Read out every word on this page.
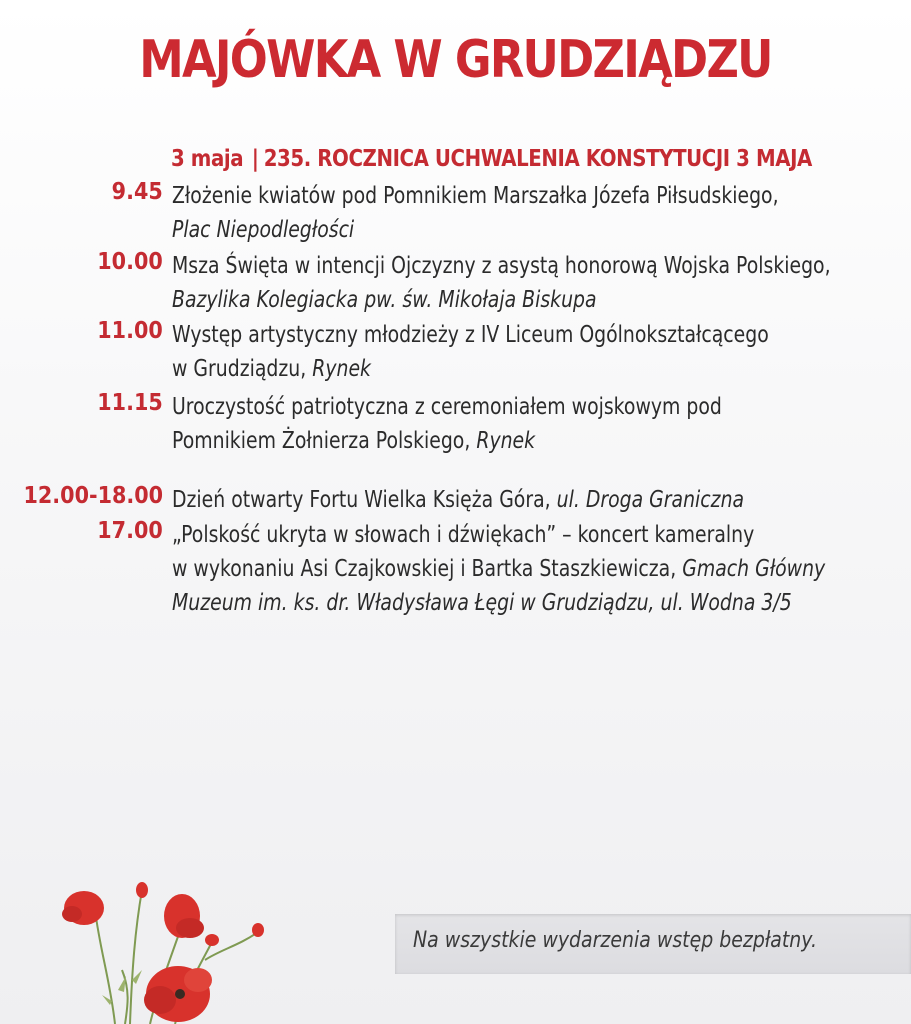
MAJÓWKA W GRUDZIĄDZU
3 maja | 235. ROCZNICA UCHWALENIA KONSTYTUCJI 3 MAJA
9.45 Złożenie kwiatów pod Pomnikiem Marszałka Józefa Piłsudskiego,
Plac Niepodległości
10.00 Msza Święta w intencji Ojczyzny z asystą honorową Wojska Polskiego,
Bazylika Kolegiacka pw. św. Mikołaja Biskupa
11.00 Występ artystyczny młodzieży z IV Liceum Ogólnokształcącego
w Grudziądzu, Rynek
11.15 Uroczystość patriotyczna z ceremoniałem wojskowym pod
Pomnikiem Żołnierza Polskiego, Rynek
12.00-18.00 Dzień otwarty Fortu Wielka Księża Góra, ul. Droga Graniczna
17.00 „Polskość ukryta w słowach i dźwiękach” – koncert kameralny
w wykonaniu Asi Czajkowskiej i Bartka Staszkiewicza, Gmach Główny
Muzeum im. ks. dr. Władysława Łęgi w Grudziądzu, ul. Wodna 3/5
Na wszystkie wydarzenia wstęp bezpłatny.
